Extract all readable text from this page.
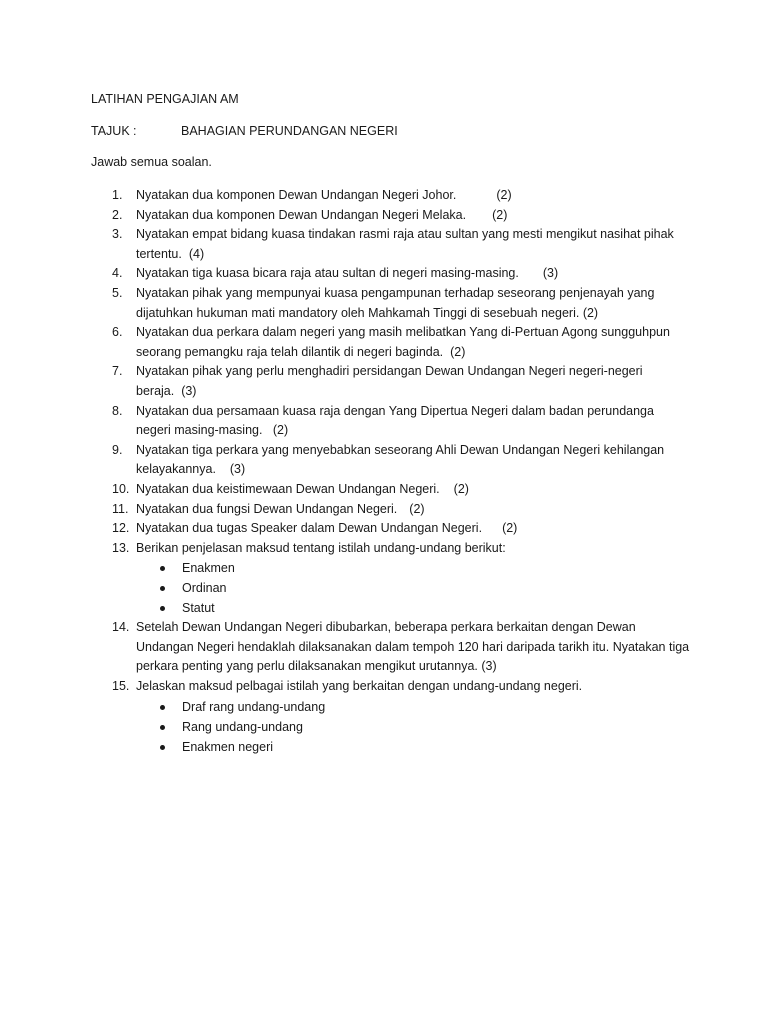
LATIHAN PENGAJIAN AM
TAJUK :	BAHAGIAN PERUNDANGAN NEGERI
Jawab semua soalan.
1. Nyatakan dua komponen Dewan Undangan Negeri Johor.	(2)
2. Nyatakan dua komponen Dewan Undangan Negeri Melaka. (2)
3. Nyatakan empat bidang kuasa tindakan rasmi raja atau sultan yang mesti mengikut nasihat pihak tertentu. (4)
4. Nyatakan tiga kuasa bicara raja atau sultan di negeri masing-masing. (3)
5. Nyatakan pihak yang mempunyai kuasa pengampunan terhadap seseorang penjenayah yang dijatuhkan hukuman mati mandatory oleh Mahkamah Tinggi di sesebuah negeri. (2)
6. Nyatakan dua perkara dalam negeri yang masih melibatkan Yang di-Pertuan Agong sungguhpun seorang pemangku raja telah dilantik di negeri baginda. (2)
7. Nyatakan pihak yang perlu menghadiri persidangan Dewan Undangan Negeri negeri-negeri beraja. (3)
8. Nyatakan dua persamaan kuasa raja dengan Yang Dipertua Negeri dalam badan perundanga negeri masing-masing. (2)
9. Nyatakan tiga perkara yang menyebabkan seseorang Ahli Dewan Undangan Negeri kehilangan kelayakannya. (3)
10. Nyatakan dua keistimewaan Dewan Undangan Negeri. (2)
11. Nyatakan dua fungsi Dewan Undangan Negeri. (2)
12. Nyatakan dua tugas Speaker dalam Dewan Undangan Negeri. (2)
13. Berikan penjelasan maksud tentang istilah undang-undang berikut:
Enakmen
Ordinan
Statut
14. Setelah Dewan Undangan Negeri dibubarkan, beberapa perkara berkaitan dengan Dewan Undangan Negeri hendaklah dilaksanakan dalam tempoh 120 hari daripada tarikh itu. Nyatakan tiga perkara penting yang perlu dilaksanakan mengikut urutannya. (3)
15. Jelaskan maksud pelbagai istilah yang berkaitan dengan undang-undang negeri.
Draf rang undang-undang
Rang undang-undang
Enakmen negeri
